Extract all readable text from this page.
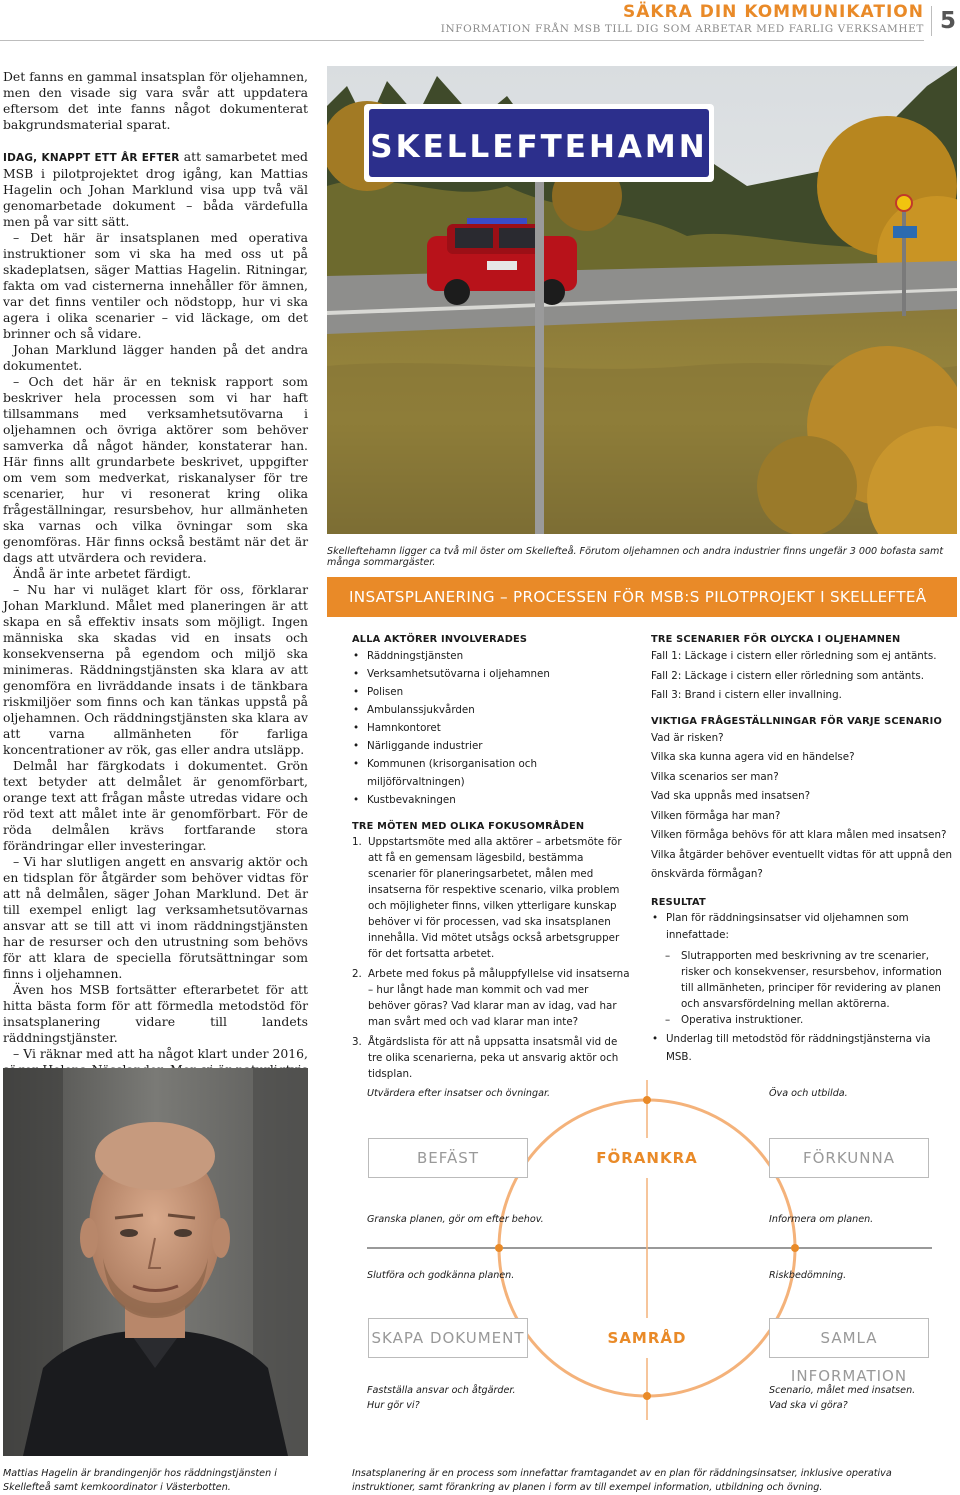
SÄKRA DIN KOMMUNIKATION
INFORMATION FRÅN MSB TILL DIG SOM ARBETAR MED FARLIG VERKSAMHET 5

Det fanns en gammal insatsplan för oljehamnen, men den visade sig vara svår att uppdatera eftersom det inte fanns något dokumenterat bakgrundsmaterial sparat.

IDAG, KNAPPT ETT ÅR EFTER att samarbetet med MSB i pilotprojektet drog igång, kan Mattias Hagelin och Johan Marklund visa upp två väl genomarbetade dokument – båda värdefulla men på var sitt sätt.

– Det här är insatsplanen med operativa instruktioner som vi ska ha med oss ut på skadeplatsen, säger Mattias Hagelin. Ritningar, fakta om vad cisternerna innehåller för ämnen, var det finns ventiler och nödstopp, hur vi ska agera i olika scenarier – vid läckage, om det brinner och så vidare.

Johan Marklund lägger handen på det andra dokumentet.

– Och det här är en teknisk rapport som beskriver hela processen som vi har haft tillsammans med verksamhetsutövarna i oljehamnen och övriga aktörer som behöver samverka då något händer, konstaterar han. Här finns allt grundarbete beskrivet, uppgifter om vem som medverkat, riskanalyser för tre scenarier, hur vi resonerat kring olika frågeställningar, resursbehov, hur allmänheten ska varnas och vilka övningar som ska genomföras. Här finns också bestämt när det är dags att utvärdera och revidera.

Ändå är inte arbetet färdigt.

– Nu har vi nuläget klart för oss, förklarar Johan Marklund. Målet med planeringen är att skapa en så effektiv insats som möjligt. Ingen människa ska skadas vid en insats och konsekvenserna på egendom och miljö ska minimeras. Räddningstjänsten ska klara av att genomföra en livräddande insats i de tänkbara riskmiljöer som finns och kan tänkas uppstå på oljehamnen. Och räddningstjänsten ska klara av att varna allmänheten för farliga koncentrationer av rök, gas eller andra utsläpp.

Delmål har färgkodats i dokumentet. Grön text betyder att delmålet är genomförbart, orange text att frågan måste utredas vidare och röd text att målet inte är genomförbart. För de röda delmålen krävs fortfarande stora förändringar eller investeringar.

– Vi har slutligen angett en ansvarig aktör och en tidsplan för åtgärder som behöver vidtas för att nå delmålen, säger Johan Marklund. Det är till exempel enligt lag verksamhetsutövarnas ansvar att se till att vi inom räddningstjänsten har de resurser och den utrustning som behövs för att klara de speciella förutsättningar som finns i oljehamnen.

Även hos MSB fortsätter efterarbetet för att hitta bästa form för att förmedla metodstöd för insatsplanering vidare till landets räddningstjänster.

– Vi räknar med att ha något klart under 2016,

SKELLEFTEHAMN
Skelleftehamn ligger ca två mil öster om Skellefteå. Förutom oljehamnen och andra industrier finns ungefär 3 000 bofasta samt många sommargäster.
INSATSPLANERING – PROCESSEN FÖR MSB:S PILOTPROJEKT I SKELLEFTEÅ

ALLA AKTÖRER INVOLVERADES

• Räddningstjänsten
• Verksamhetsutövarna i oljehamnen
• Polisen
• Ambulanssjukvården
• Hamnkontoret
• Närliggande industrier
• Kommunen (krisorganisation och miljöförvaltningen)
• Kustbevakningen

TRE MÖTEN MED OLIKA FOKUSOMRÅDEN

1. Uppstartsmöte med alla aktörer – arbetsmöte för att få en gemensam lägesbild, bestämma scenarier för planeringsarbetet, målen med insatserna för respektive scenario, vilka problem och möjligheter finns, vilken ytterligare kunskap behöver vi för processen, vad ska insatsplanen innehålla. Vid mötet utsågs också arbetsgrupper för det fortsatta arbetet.
2. Arbete med fokus på måluppfyllelse vid insatserna – hur långt hade man kommit och vad mer behöver göras? Vad klarar man av idag, vad har man svårt med och vad klarar man inte?
3. Åtgärdslista för att nå uppsatta insatsmål vid de tre olika scenarierna, peka ut ansvarig aktör och tidsplan.

TRE SCENARIER FÖR OLYCKA I OLJEHAMNEN

Fall 1: Läckage i cistern eller rörledning som ej antänts.

Fall 2: Läckage i cistern eller rörledning som antänts.

Fall 3: Brand i cistern eller invallning.

VIKTIGA FRÅGESTÄLLNINGAR FÖR VARJE SCENARIO

Vad är risken?

Vilka ska kunna agera vid en händelse?

Vilka scenarios ser man?

Vad ska uppnås med insatsen?

Vilken förmåga har man?

Vilken förmåga behövs för att klara målen med insatsen?

Vilka åtgärder behöver eventuellt vidtas för att uppnå den önskvärda förmågan?

RESULTAT

• Plan för räddningsinsatser vid oljehamnen som innefattade:
– Slutrapporten med beskrivning av tre scenarier, risker och konsekvenser, resursbehov, information till allmänheten, principer för revidering av planen och ansvarsfördelning mellan aktörerna.
– Operativa instruktioner.
• Underlag till metodstöd för räddningstjänsterna via MSB.
Mattias Hagelin är brandingenjör hos räddningstjänsten i Skellefteå samt kemkoordinator i Västerbotten.
Utvärdera efter insatser och övningar.	Öva och utbilda.
BEFÄST	FÖRANKRA	FÖRKUNNA
Granska planen, gör om efter behov.	Informera om planen.
Slutföra och godkänna planen.	Riskbedömning.
SKAPA DOKUMENT	SAMRÅD	SAMLA INFORMATION
Fastställa ansvar och åtgärder.
Hur gör vi?
Scenario, målet med insatsen.
Vad ska vi göra?
Insatsplanering är en process som innefattar framtagandet av en plan för räddningsinsatser, inklusive operativa instruktioner, samt förankring av planen i form av till exempel information, utbildning och övning.
